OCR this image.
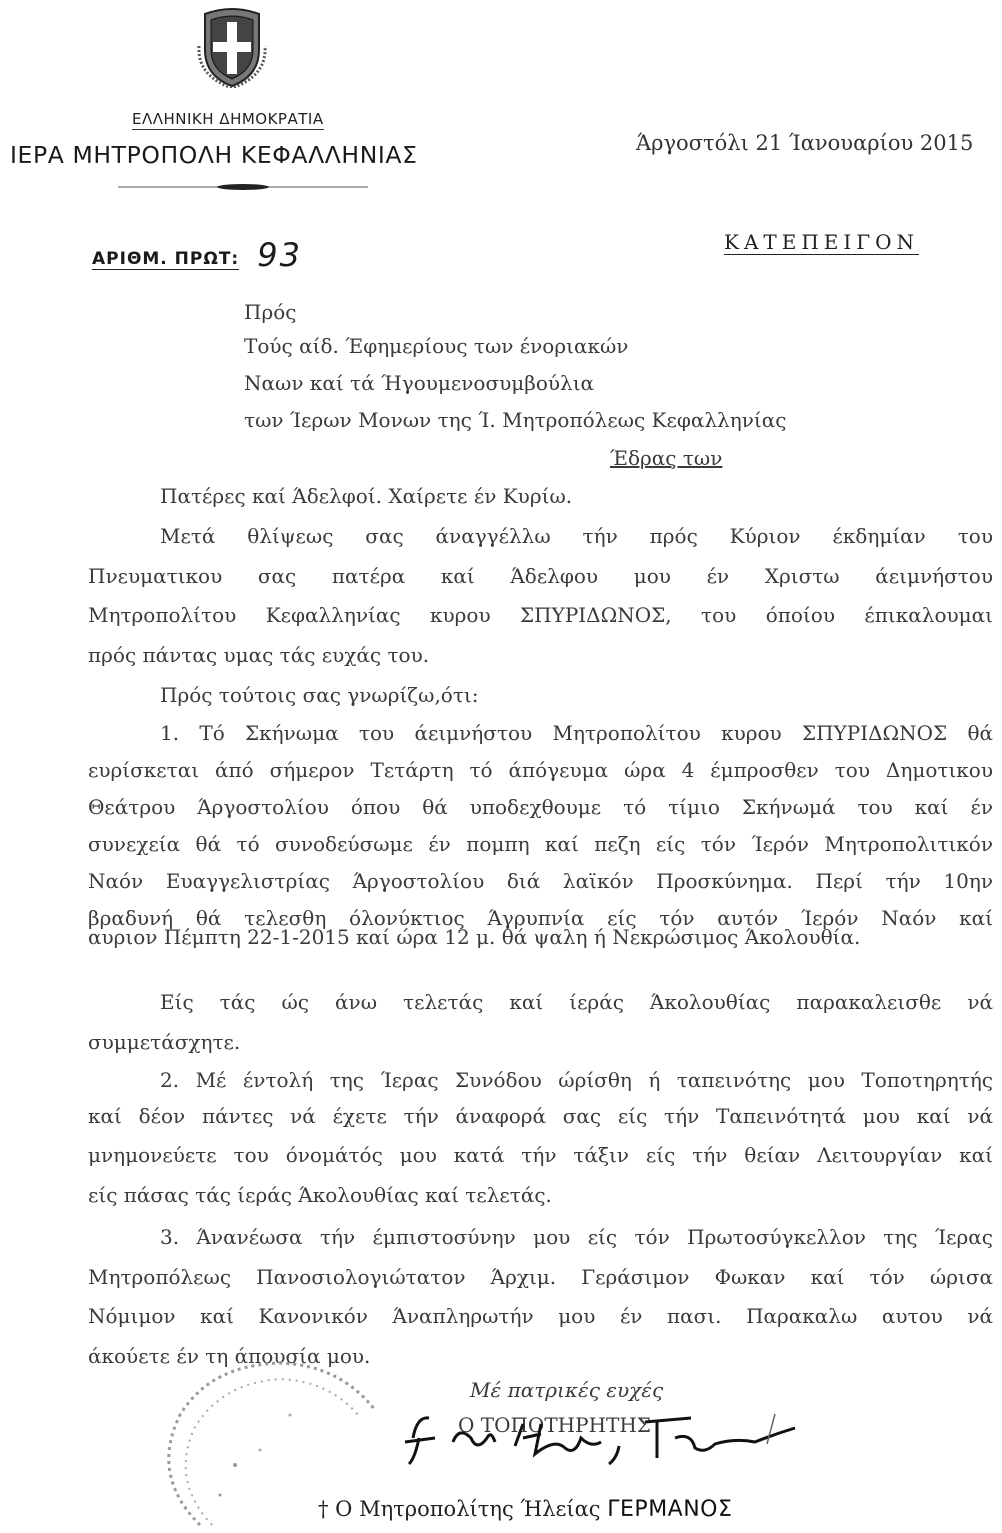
ΕΛΛΗΝΙΚΗ ΔΗΜΟΚΡΑΤΙΑ
ΙΕΡΑ ΜΗΤΡΟΠΟΛΗ ΚΕΦΑΛΛΗΝΙΑΣ	Άργοστόλι 21 Ίανουαρίου 2015
ΑΡΙΘΜ. ΠΡΩΤ: 93	ΚΑΤΕΠΕΙΓΟΝ
Πρός
Τούς αίδ. Έφημερίους των ένοριακών
Ναων καί τά Ήγουμενοσυμβούλια
των Ίερων Μονων της Ί. Μητροπόλεως Κεφαλληνίας
Έδρας των
Πατέρες καί Άδελφοί. Χαίρετε έν Κυρίω.
Μετά θλίψεως σας άναγγέλλω τήν πρός Κύριον έκδημίαν του
Πνευματικου σας πατέρα καί Άδελφου μου έν Χριστω άειμνήστου
Μητροπολίτου Κεφαλληνίας κυρου ΣΠΥΡΙΔΩΝΟΣ, του όποίου έπικαλουμαι
πρός πάντας υμας τάς ευχάς του.
Πρός τούτοις σας γνωρίζω,ότι:
1. Τό Σκήνωμα του άειμνήστου Μητροπολίτου κυρου ΣΠΥΡΙΔΩΝΟΣ θά
ευρίσκεται άπό σήμερον Τετάρτη τό άπόγευμα ώρα 4 έμπροσθεν του Δημοτικου
Θεάτρου Άργοστολίου όπου θά υποδεχθουμε τό τίμιο Σκήνωμά του καί έν
συνεχεία θά τό συνοδεύσωμε έν πομπη καί πεζη είς τόν Ίερόν Μητροπολιτικόν
Ναόν Ευαγγελιστρίας Άργοστολίου διά λαϊκόν Προσκύνημα. Περί τήν 10ην
βραδυνή θά τελεσθη όλονύκτιος Άγρυπνία είς τόν αυτόν Ίερόν Ναόν καί
αυριον Πέμπτη 22-1-2015 καί ώρα 12 μ. θά ψαλη ή Νεκρώσιμος Άκολουθία.
Είς τάς ώς άνω τελετάς καί ίεράς Άκολουθίας παρακαλεισθε νά
συμμετάσχητε.
2. Μέ έντολή της Ίερας Συνόδου ώρίσθη ή ταπεινότης μου Τοποτηρητής
καί δέον πάντες νά έχετε τήν άναφορά σας είς τήν Ταπεινότητά μου καί νά
μνημονεύετε του όνομάτός μου κατά τήν τάξιν είς τήν θείαν Λειτουργίαν καί
είς πάσας τάς ίεράς Άκολουθίας καί τελετάς.
3. Άνανέωσα τήν έμπιστοσύνην μου είς τόν Πρωτοσύγκελλον της Ίερας
Μητροπόλεως Πανοσιολογιώτατον Άρχιμ. Γεράσιμον Φωκαν καί τόν ώρισα
Νόμιμον καί Κανονικόν Άναπληρωτήν μου έν πασι. Παρακαλω αυτου νά
άκούετε έν τη άπουσία μου.
Μέ πατρικές ευχές
Ο ΤΟΠΟΤΗΡΗΤΗΣ
† Ο Μητροπολίτης Ήλείας ΓΕΡΜΑΝΟΣ
